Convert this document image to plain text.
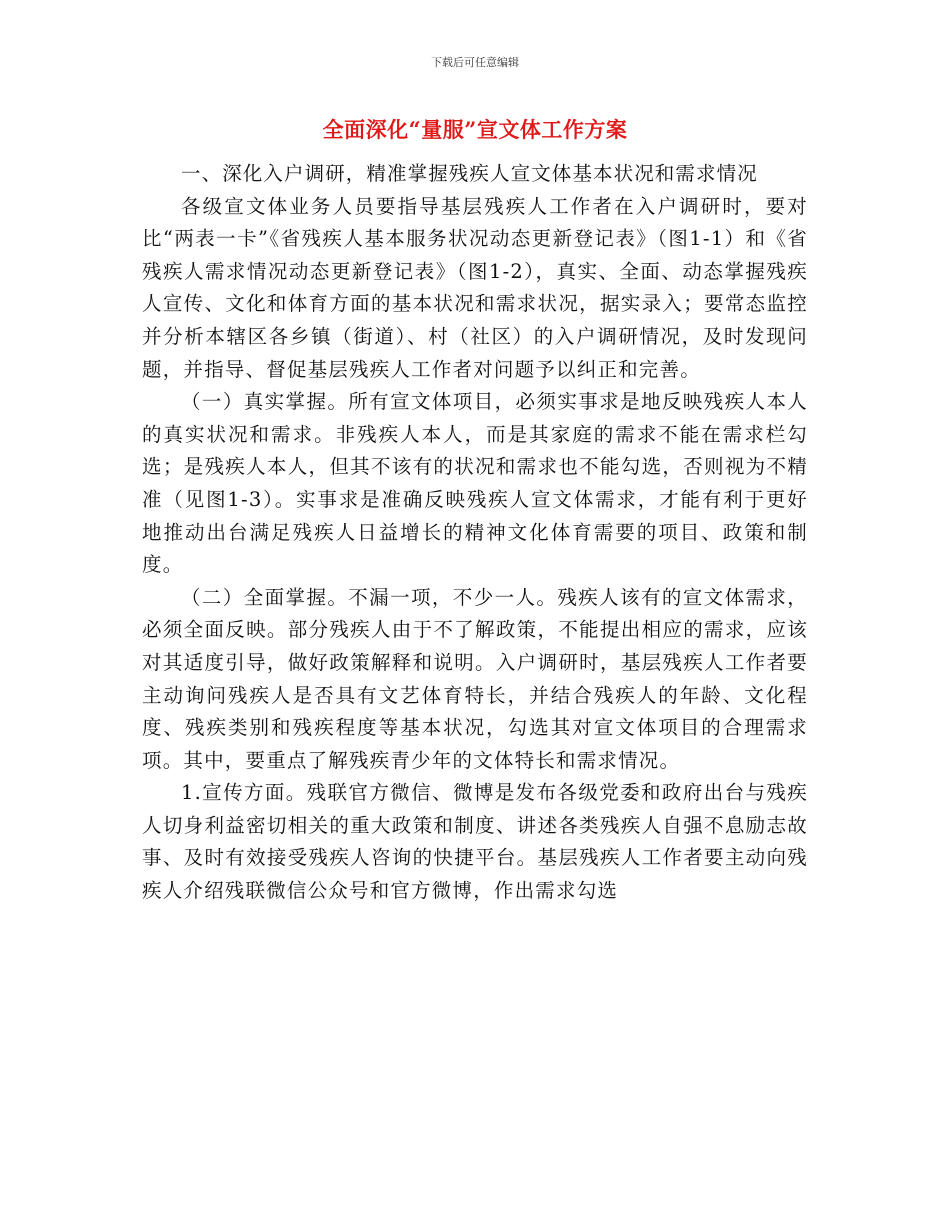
下载后可任意编辑
全面深化“量服”宣文体工作方案

一、深化入户调研，精准掌握残疾人宣文体基本状况和需求情况

各级宣文体业务人员要指导基层残疾人工作者在入户调研时，要对比“两表一卡”《省残疾人基本服务状况动态更新登记表》（图1-1）和《省残疾人需求情况动态更新登记表》（图1-2），真实、全面、动态掌握残疾人宣传、文化和体育方面的基本状况和需求状况，据实录入；要常态监控并分析本辖区各乡镇（街道）、村（社区）的入户调研情况，及时发现问题，并指导、督促基层残疾人工作者对问题予以纠正和完善。

（一）真实掌握。所有宣文体项目，必须实事求是地反映残疾人本人的真实状况和需求。非残疾人本人，而是其家庭的需求不能在需求栏勾选；是残疾人本人，但其不该有的状况和需求也不能勾选，否则视为不精准（见图1-3）。实事求是准确反映残疾人宣文体需求，才能有利于更好地推动出台满足残疾人日益增长的精神文化体育需要的项目、政策和制度。

（二）全面掌握。不漏一项，不少一人。残疾人该有的宣文体需求，必须全面反映。部分残疾人由于不了解政策，不能提出相应的需求，应该对其适度引导，做好政策解释和说明。入户调研时，基层残疾人工作者要主动询问残疾人是否具有文艺体育特长，并结合残疾人的年龄、文化程度、残疾类别和残疾程度等基本状况，勾选其对宣文体项目的合理需求项。其中，要重点了解残疾青少年的文体特长和需求情况。

1.宣传方面。残联官方微信、微博是发布各级党委和政府出台与残疾人切身利益密切相关的重大政策和制度、讲述各类残疾人自强不息励志故事、及时有效接受残疾人咨询的快捷平台。基层残疾人工作者要主动向残疾人介绍残联微信公众号和官方微博，作出需求勾选
